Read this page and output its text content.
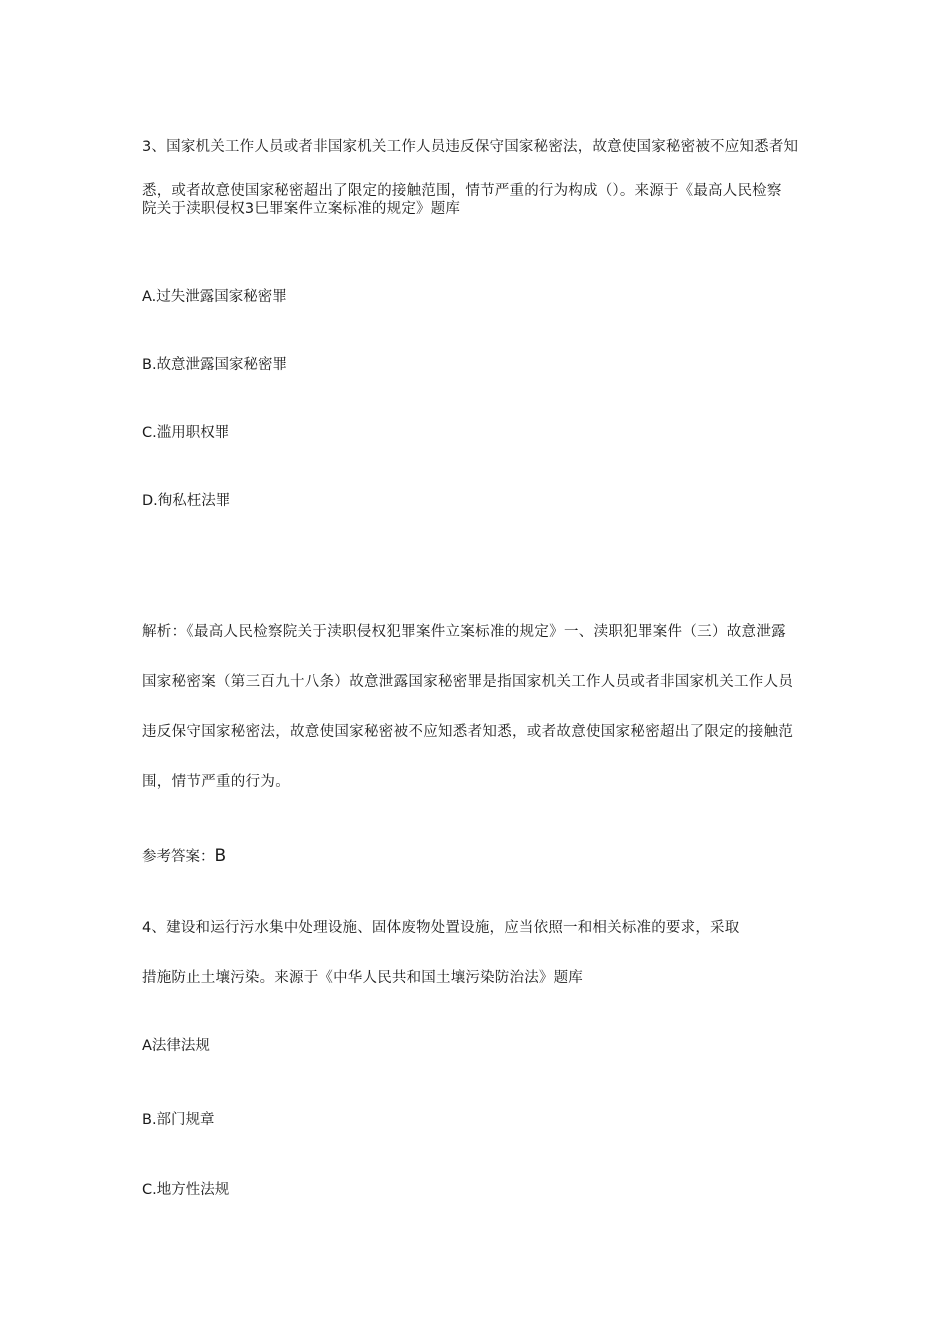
3、国家机关工作人员或者非国家机关工作人员违反保守国家秘密法，故意使国家秘密被不应知悉者知
悉，或者故意使国家秘密超出了限定的接触范围，情节严重的行为构成（）。来源于《最高人民检察
院关于渎职侵权3巳罪案件立案标准的规定》题库
A.过失泄露国家秘密罪
B.故意泄露国家秘密罪
C.滥用职权罪
D.徇私枉法罪
解析：《最高人民检察院关于渎职侵权犯罪案件立案标准的规定》一、渎职犯罪案件（三）故意泄露
国家秘密案（第三百九十八条）故意泄露国家秘密罪是指国家机关工作人员或者非国家机关工作人员
违反保守国家秘密法，故意使国家秘密被不应知悉者知悉，或者故意使国家秘密超出了限定的接触范
围，情节严重的行为。
参考答案：B
4、建设和运行污水集中处理设施、固体废物处置设施，应当依照一和相关标准的要求，采取
措施防止土壤污染。来源于《中华人民共和国土壤污染防治法》题库
A法律法规
B.部门规章
C.地方性法规
